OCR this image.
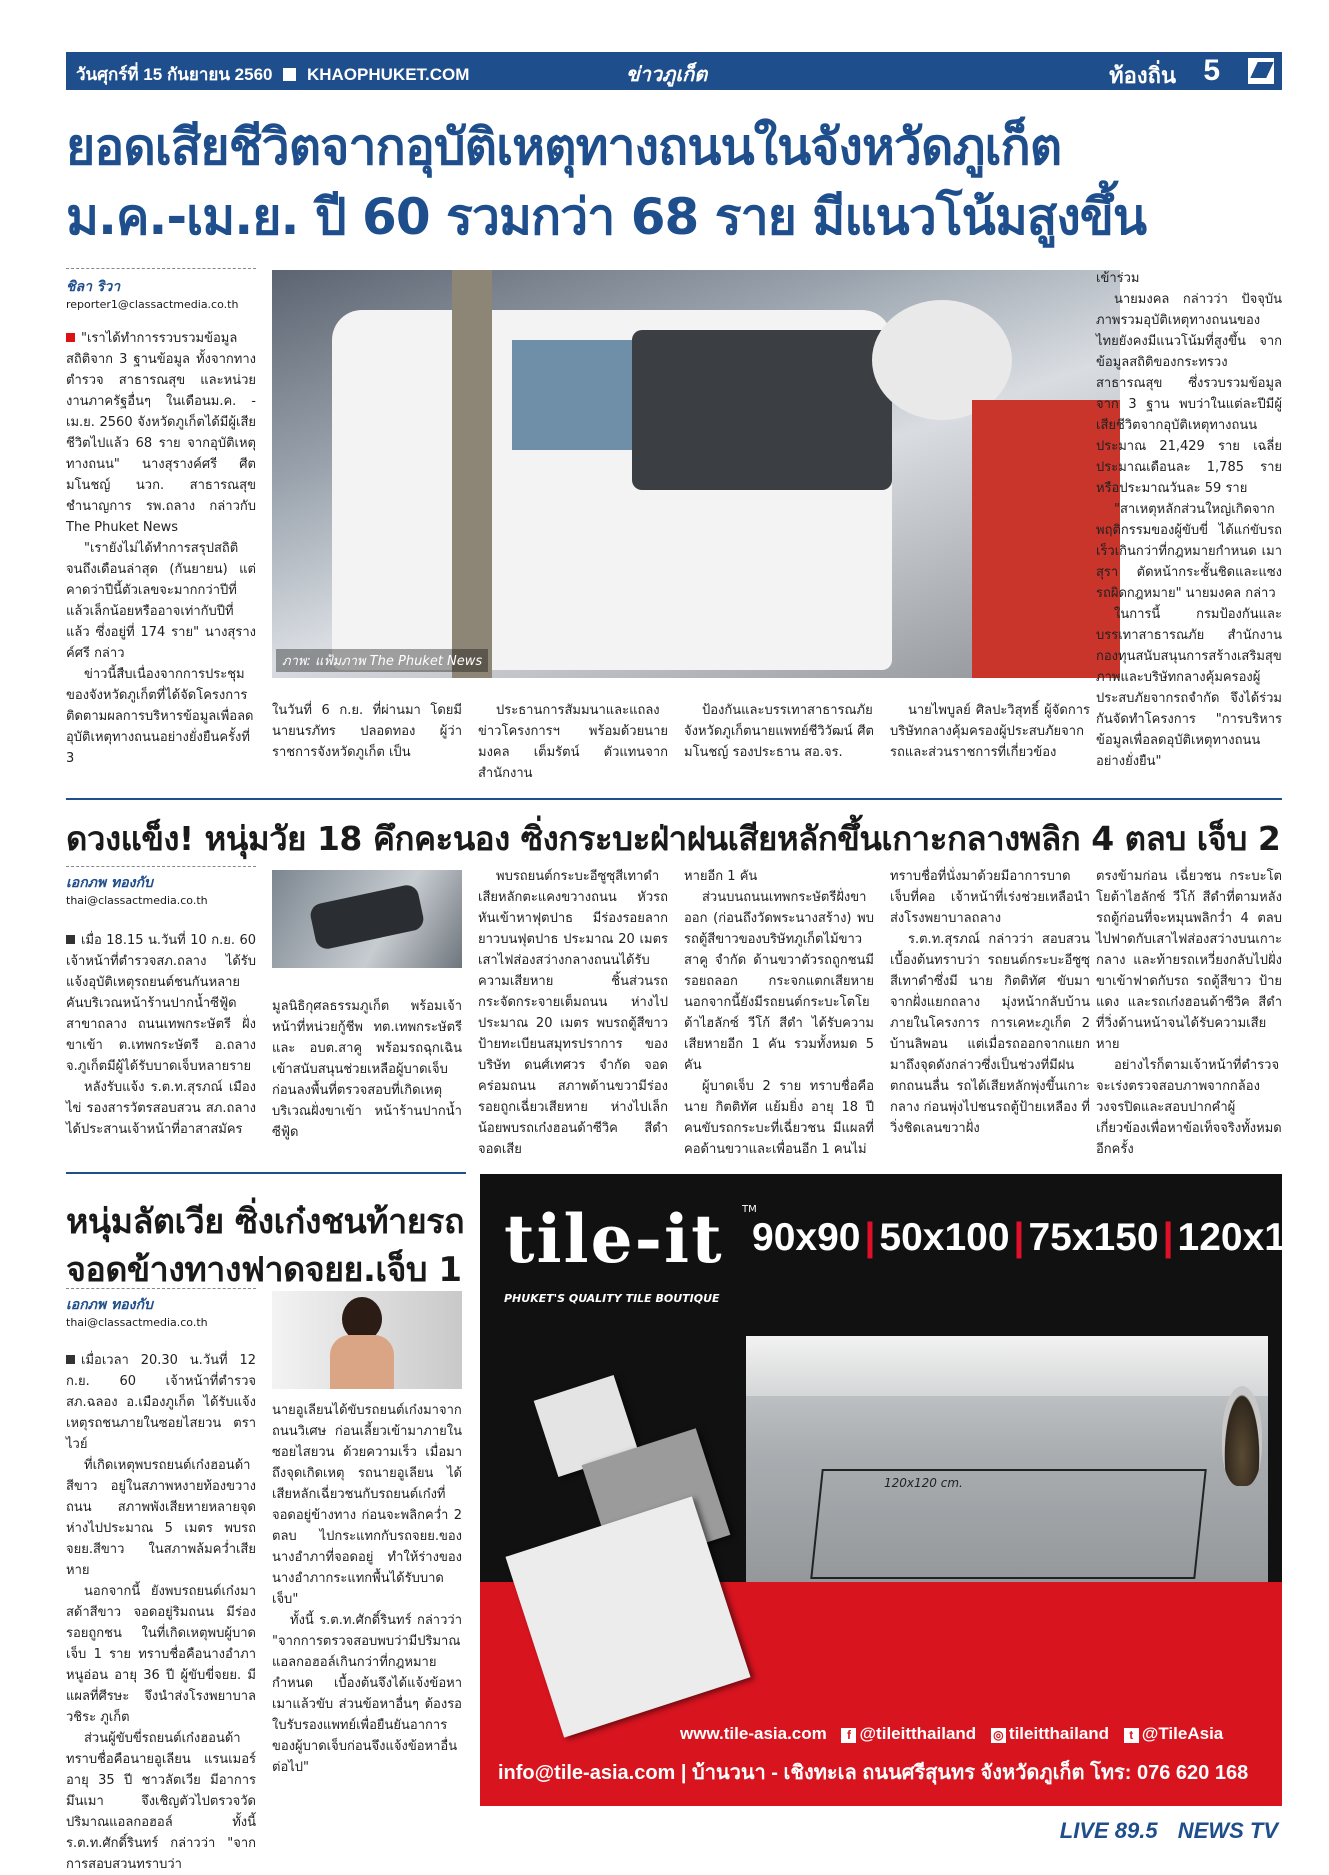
วันศุกร์ที่ 15 กันยายน 2560 KHAOPHUKET.COM	ข่าวภูเก็ต	ท้องถิ่น 5
ยอดเสียชีวิตจากอุบัติเหตุทางถนนในจังหวัดภูเก็ต
ม.ค.-เม.ย. ปี 60 รวมกว่า 68 ราย มีแนวโน้มสูงขึ้น
ชิลา ริวา
reporter1@classactmedia.co.th

"เราได้ทำการรวบรวมข้อมูลสถิติจาก 3 ฐานข้อมูล ทั้งจากทางตำรวจ สาธารณสุข และหน่วยงานภาครัฐอื่นๆ ในเดือนม.ค. - เม.ย. 2560 จังหวัดภูเก็ตได้มีผู้เสียชีวิตไปแล้ว 68 ราย จากอุบัติเหตุทางถนน" นางสุรางค์ศรี ศีตมโนชญ์ นวก. สาธารณสุขชำนาญการ รพ.ถลาง กล่าวกับ The Phuket News

"เรายังไม่ได้ทำการสรุปสถิติจนถึงเดือนล่าสุด (กันยายน) แต่คาดว่าปีนี้ตัวเลขจะมากกว่าปีที่แล้วเล็กน้อยหรืออาจเท่ากับปีที่แล้ว ซึ่งอยู่ที่ 174 ราย" นางสุรางค์ศรี กล่าว

ข่าวนี้สืบเนื่องจากการประชุมของจังหวัดภูเก็ตที่ได้จัดโครงการติดตามผลการบริหารข้อมูลเพื่อลดอุบัติเหตุทางถนนอย่างยั่งยืนครั้งที่ 3

ภาพ: แฟ้มภาพ The Phuket News

ในวันที่ 6 ก.ย. ที่ผ่านมา โดยมีนายนรภัทร ปลอดทอง ผู้ว่าราชการจังหวัดภูเก็ต เป็น

ประธานการสัมมนาและแถลงข่าวโครงการฯ พร้อมด้วยนายมงคล เต็มรัตน์ ตัวแทนจากสำนักงาน

ป้องกันและบรรเทาสาธารณภัยจังหวัดภูเก็ตนายแพทย์ชีวิวัฒน์ ศีตมโนชญ์ รองประธาน สอ.จร.

นายไพบูลย์ ศิลปะวิสุทธิ์ ผู้จัดการบริษัทกลางคุ้มครองผู้ประสบภัยจากรถและส่วนราชการที่เกี่ยวข้อง

เข้าร่วม

นายมงคล กล่าวว่า ปัจจุบันภาพรวมอุบัติเหตุทางถนนของไทยยังคงมีแนวโน้มที่สูงขึ้น จากข้อมูลสถิติของกระทรวงสาธารณสุข ซึ่งรวบรวมข้อมูลจาก 3 ฐาน พบว่าในแต่ละปีมีผู้เสียชีวิตจากอุบัติเหตุทางถนนประมาณ 21,429 ราย เฉลี่ยประมาณเดือนละ 1,785 ราย หรือประมาณวันละ 59 ราย

"สาเหตุหลักส่วนใหญ่เกิดจากพฤติกรรมของผู้ขับขี่ ได้แก่ขับรถเร็วเกินกว่าที่กฎหมายกำหนด เมาสุรา ตัดหน้ากระชั้นชิดและแซงรถผิดกฎหมาย" นายมงคล กล่าว

ในการนี้ กรมป้องกันและบรรเทาสาธารณภัย สำนักงานกองทุนสนับสนุนการสร้างเสริมสุขภาพและบริษัทกลางคุ้มครองผู้ประสบภัยจากรถจำกัด จึงได้ร่วมกันจัดทำโครงการ "การบริหารข้อมูลเพื่อลดอุบัติเหตุทางถนนอย่างยั่งยืน"

ดวงแข็ง! หนุ่มวัย 18 คึกคะนอง ซิ่งกระบะฝ่าฝนเสียหลักขึ้นเกาะกลางพลิก 4 ตลบ เจ็บ 2
เอกภพ ทองกับ
thai@classactmedia.co.th

เมื่อ 18.15 น.วันที่ 10 ก.ย. 60 เจ้าหน้าที่ตำรวจสภ.ถลาง ได้รับแจ้งอุบัติเหตุรถยนต์ชนกันหลายคันบริเวณหน้าร้านปากน้ำซีฟู้ด สาขาถลาง ถนนเทพกระษัตรี ฝั่งขาเข้า ต.เทพกระษัตรี อ.ถลาง จ.ภูเก็ตมีผู้ได้รับบาดเจ็บหลายราย

หลังรับแจ้ง ร.ต.ท.สุรภณ์ เมืองไข่ รองสารวัตรสอบสวน สภ.ถลาง ได้ประสานเจ้าหน้าที่อาสาสมัคร

มูลนิธิกุศลธรรมภูเก็ต พร้อมเจ้าหน้าที่หน่วยกู้ชีพ ทต.เทพกระษัตรี และ อบต.สาคู พร้อมรถฉุกเฉิน เข้าสนับสนุนช่วยเหลือผู้บาดเจ็บ ก่อนลงพื้นที่ตรวจสอบที่เกิดเหตุบริเวณฝั่งขาเข้า หน้าร้านปากน้ำซีฟู้ด

พบรถยนต์กระบะอีซูซุสีเทาดำเสียหลักตะแคงขวางถนน หัวรถหันเข้าหาฟุตปาธ มีร่องรอยลากยาวบนฟุตปาธ ประมาณ 20 เมตร เสาไฟส่องสว่างกลางถนนได้รับความเสียหาย ชิ้นส่วนรถกระจัดกระจายเต็มถนน ห่างไปประมาณ 20 เมตร พบรถตู้สีขาวป้ายทะเบียนสมุทรปราการ ของบริษัท ดนศ์เทศวร จำกัด จอดคร่อมถนน สภาพด้านขวามีร่องรอยถูกเฉี่ยวเสียหาย ห่างไปเล็กน้อยพบรถเก๋งฮอนด้าซีวิค สีดำ จอดเสีย

หายอีก 1 คัน

ส่วนบนถนนเทพกระษัตรีฝั่งขาออก (ก่อนถึงวัดพระนางสร้าง) พบรถตู้สีขาวของบริษัทภูเก็ตไม้ขาวสาคู จำกัด ด้านขวาตัวรถถูกชนมีรอยถลอก กระจกแตกเสียหาย นอกจากนี้ยังมีรถยนต์กระบะโตโยต้าไฮลักซ์ วีโก้ สีดำ ได้รับความเสียหายอีก 1 คัน รวมทั้งหมด 5 คัน

ผู้บาดเจ็บ 2 ราย ทราบชื่อคือ นาย กิตติทัศ แย้มยิ่ง อายุ 18 ปี คนขับรถกระบะที่เฉี่ยวชน มีแผลที่คอด้านขวาและเพื่อนอีก 1 คนไม่

ทราบชื่อที่นั่งมาด้วยมีอาการบาดเจ็บที่คอ เจ้าหน้าที่เร่งช่วยเหลือนำส่งโรงพยาบาลถลาง

ร.ต.ท.สุรภณ์ กล่าวว่า สอบสวนเบื้องต้นทราบว่า รถยนต์กระบะอีซูซุสีเทาดำซึ่งมี นาย กิตติทัศ ขับมาจากฝั่งแยกถลาง มุ่งหน้ากลับบ้านภายในโครงการ การเคหะภูเก็ต 2 บ้านลิพอน แต่เมื่อรถออกจากแยกมาถึงจุดดังกล่าวซึ่งเป็นช่วงที่มีฝนตกถนนลื่น รถได้เสียหลักพุ่งขึ้นเกาะกลาง ก่อนพุ่งไปชนรถตู้ป้ายเหลือง ที่วิ่งชิดเลนขวาฝั่ง

ตรงข้ามก่อน เฉี่ยวชน กระบะโตโยต้าไฮลักซ์ วีโก้ สีดำที่ตามหลังรถตู้ก่อนที่จะหมุนพลิกว่ำ 4 ตลบ ไปฟาดกับเสาไฟส่องสว่างบนเกาะกลาง และท้ายรถเหวี่ยงกลับไปฝั่งขาเข้าฟาดกับรถ รถตู้สีขาว ป้ายแดง และรถเก๋งฮอนด้าซีวิค สีดำ ที่วิ่งด้านหน้าจนได้รับความเสียหาย

อย่างไรก็ตามเจ้าหน้าที่ตำรวจจะเร่งตรวจสอบภาพจากกล้องวงจรปิดและสอบปากคำผู้เกี่ยวข้องเพื่อหาข้อเท็จจริงทั้งหมดอีกครั้ง

หนุ่มลัตเวีย ซิ่งเก๋งชนท้ายรถ
จอดข้างทางฟาดจยย.เจ็บ 1
เอกภพ ทองกับ
thai@classactmedia.co.th

เมื่อเวลา 20.30 น.วันที่ 12 ก.ย. 60 เจ้าหน้าที่ตำรวจสภ.ฉลอง อ.เมืองภูเก็ต ได้รับแจ้งเหตุรถชนภายในซอยไสยวน ตราไวย์

ที่เกิดเหตุพบรถยนต์เก๋งฮอนด้าสีขาว อยู่ในสภาพหงายท้องขวางถนน สภาพพังเสียหายหลายจุด ห่างไปประมาณ 5 เมตร พบรถ จยย.สีขาว ในสภาพล้มคว่ำเสียหาย

นอกจากนี้ ยังพบรถยนต์เก๋งมาสด้าสีขาว จอดอยู่ริมถนน มีร่องรอยถูกชน ในที่เกิดเหตุพบผู้บาดเจ็บ 1 ราย ทราบชื่อคือนางอำภา หนูอ่อน อายุ 36 ปี ผู้ขับขี่จยย. มีแผลที่ศีรษะ จึงนำส่งโรงพยาบาลวชิระ ภูเก็ต

ส่วนผู้ขับขี่รถยนต์เก๋งฮอนด้าทราบชื่อคือนายอูเลียน แรนเมอร์ อายุ 35 ปี ชาวลัตเวีย มีอาการมึนเมา จึงเชิญตัวไปตรวจวัดปริมาณแอลกอฮอล์ ทั้งนี้ ร.ต.ท.ศักดิ์รินทร์ กล่าวว่า "จากการสอบสวนทราบว่า

นายอูเลียนได้ขับรถยนต์เก๋งมาจากถนนวิเศษ ก่อนเลี้ยวเข้ามาภายในซอยไสยวน ด้วยความเร็ว เมื่อมาถึงจุดเกิดเหตุ รถนายอูเลียน ได้เสียหลักเฉี่ยวชนกับรถยนต์เก๋งที่จอดอยู่ข้างทาง ก่อนจะพลิกคว่ำ 2 ตลบ ไปกระแทกกับรถจยย.ของนางอำภาที่จอดอยู่ ทำให้ร่างของนางอำภากระแทกพื้นได้รับบาดเจ็บ"

ทั้งนี้ ร.ต.ท.ศักดิ์รินทร์ กล่าวว่า "จากการตรวจสอบพบว่ามีปริมาณแอลกอฮอล์เกินกว่าที่กฎหมายกำหนด เบื้องต้นจึงได้แจ้งข้อหาเมาแล้วขับ ส่วนข้อหาอื่นๆ ต้องรอใบรับรองแพทย์เพื่อยืนยันอาการของผู้บาดเจ็บก่อนจึงแจ้งข้อหาอื่นต่อไป"

tile-it TM
PHUKET'S QUALITY TILE BOUTIQUE
90x90 | 50x100 | 75x150 | 120x120
120x120 cm.
www.tile-asia.com f @tileitthailand ◎ tileitthailand t @TileAsia
info@tile-asia.com | บ้านวนา - เชิงทะเล ถนนศรีสุนทร จังหวัดภูเก็ต โทร: 076 620 168
LIVE 89.5 NEWS TV
